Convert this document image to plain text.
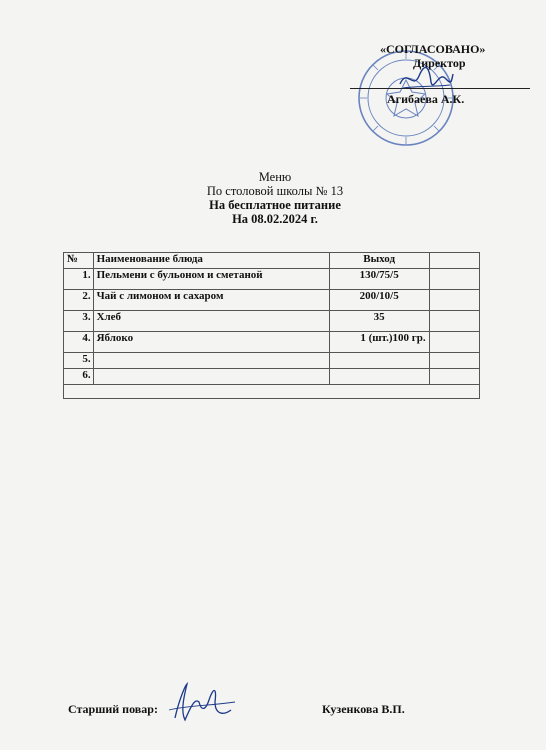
«СОГЛАСОВАНО»
Директор
Агибаева А.К.
Меню
По столовой школы № 13
На бесплатное питание
На 08.02.2024 г.
№	Наименование блюда	Выход	
1.	Пельмени с бульоном и сметаной	130/75/5	
2.	Чай с лимоном и сахаром	200/10/5	
3.	Хлеб	35	
4.	Яблоко	1 (шт.)100 гр.	
5.			
6.			

Старший повар:	Кузенкова В.П.
